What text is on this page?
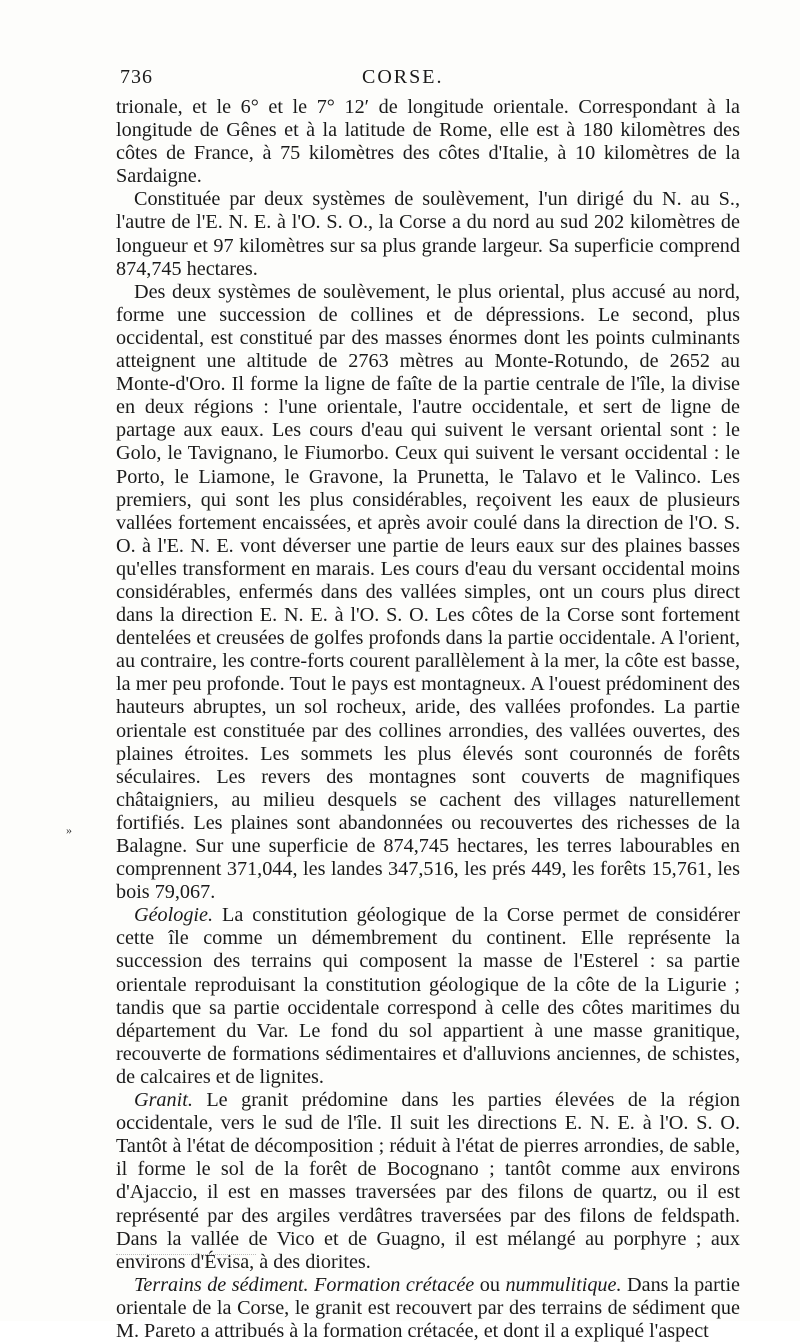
736	CORSE.
»

trionale, et le 6° et le 7° 12′ de longitude orientale. Correspondant à la longitude de Gênes et à la latitude de Rome, elle est à 180 kilomètres des côtes de France, à 75 kilomètres des côtes d'Italie, à 10 kilomètres de la Sardaigne.

Constituée par deux systèmes de soulèvement, l'un dirigé du N. au S., l'autre de l'E. N. E. à l'O. S. O., la Corse a du nord au sud 202 kilomètres de longueur et 97 kilomètres sur sa plus grande largeur. Sa superficie comprend 874,745 hectares.

Des deux systèmes de soulèvement, le plus oriental, plus accusé au nord, forme une succession de collines et de dépressions. Le second, plus occidental, est constitué par des masses énormes dont les points culminants atteignent une altitude de 2763 mètres au Monte-Rotundo, de 2652 au Monte-d'Oro. Il forme la ligne de faîte de la partie centrale de l'île, la divise en deux régions : l'une orientale, l'autre occidentale, et sert de ligne de partage aux eaux. Les cours d'eau qui suivent le versant oriental sont : le Golo, le Tavignano, le Fiumorbo. Ceux qui suivent le versant occidental : le Porto, le Liamone, le Gravone, la Prunetta, le Talavo et le Valinco. Les premiers, qui sont les plus considérables, reçoivent les eaux de plusieurs vallées fortement encaissées, et après avoir coulé dans la direction de l'O. S. O. à l'E. N. E. vont déverser une partie de leurs eaux sur des plaines basses qu'elles transforment en marais. Les cours d'eau du versant occidental moins considérables, enfermés dans des vallées simples, ont un cours plus direct dans la direction E. N. E. à l'O. S. O. Les côtes de la Corse sont fortement dentelées et creusées de golfes profonds dans la partie occidentale. A l'orient, au contraire, les contre-forts courent parallèlement à la mer, la côte est basse, la mer peu profonde. Tout le pays est montagneux. A l'ouest prédominent des hauteurs abruptes, un sol rocheux, aride, des vallées profondes. La partie orientale est constituée par des collines arrondies, des vallées ouvertes, des plaines étroites. Les sommets les plus élevés sont couronnés de forêts séculaires. Les revers des montagnes sont couverts de magnifiques châtaigniers, au milieu desquels se cachent des villages naturellement fortifiés. Les plaines sont abandonnées ou recouvertes des richesses de la Balagne. Sur une superficie de 874,745 hectares, les terres labourables en comprennent 371,044, les landes 347,516, les prés 449, les forêts 15,761, les bois 79,067.

Géologie. La constitution géologique de la Corse permet de considérer cette île comme un démembrement du continent. Elle représente la succession des terrains qui composent la masse de l'Esterel : sa partie orientale reproduisant la constitution géologique de la côte de la Ligurie ; tandis que sa partie occidentale correspond à celle des côtes maritimes du département du Var. Le fond du sol appartient à une masse granitique, recouverte de formations sédimentaires et d'alluvions anciennes, de schistes, de calcaires et de lignites.

Granit. Le granit prédomine dans les parties élevées de la région occidentale, vers le sud de l'île. Il suit les directions E. N. E. à l'O. S. O. Tantôt à l'état de décomposition ; réduit à l'état de pierres arrondies, de sable, il forme le sol de la forêt de Bocognano ; tantôt comme aux environs d'Ajaccio, il est en masses traversées par des filons de quartz, ou il est représenté par des argiles verdâtres traversées par des filons de feldspath. Dans la vallée de Vico et de Guagno, il est mélangé au porphyre ; aux environs d'Évisa, à des diorites.

Terrains de sédiment. Formation crétacée ou nummulitique. Dans la partie orientale de la Corse, le granit est recouvert par des terrains de sédiment que M. Pareto a attribués à la formation crétacée, et dont il a expliqué l'aspect
